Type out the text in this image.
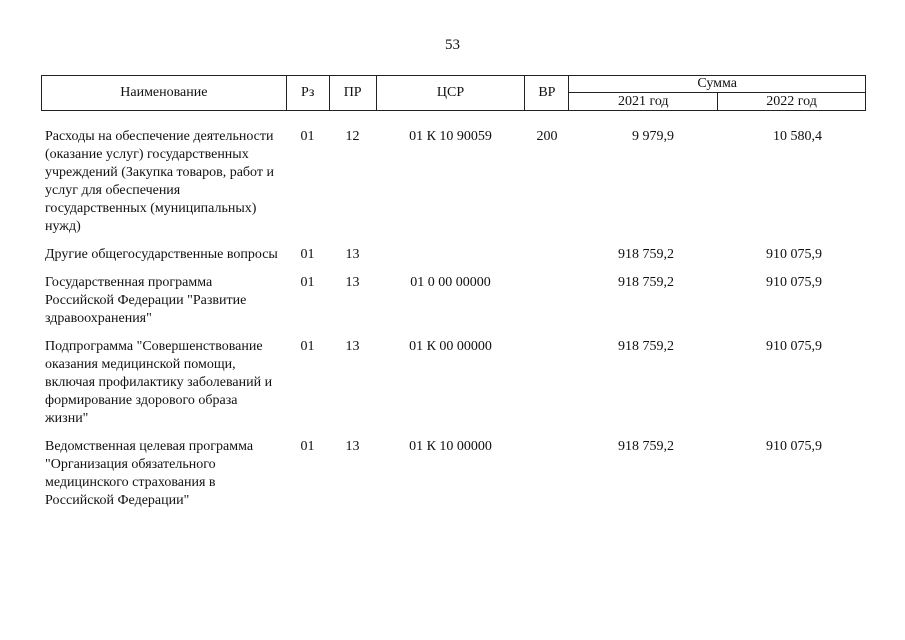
53
Наименование	Рз	ПР	ЦСР	ВР	Сумма	
					2021 год	2022 год
Расходы на обеспечение деятельности (оказание услуг) государственных учреждений (Закупка товаров, работ и услуг для обеспечения государственных (муниципальных) нужд)	01	12	01 К 10 90059	200	9 979,9	10 580,4
Другие общегосударственные вопросы	01	13			918 759,2	910 075,9
Государственная программа Российской Федерации "Развитие здравоохранения"	01	13	01 0 00 00000		918 759,2	910 075,9
Подпрограмма "Совершенствование оказания медицинской помощи, включая профилактику заболеваний и формирование здорового образа жизни"	01	13	01 К 00 00000		918 759,2	910 075,9
Ведомственная целевая программа "Организация обязательного медицинского страхования в Российской Федерации"	01	13	01 К 10 00000		918 759,2	910 075,9
